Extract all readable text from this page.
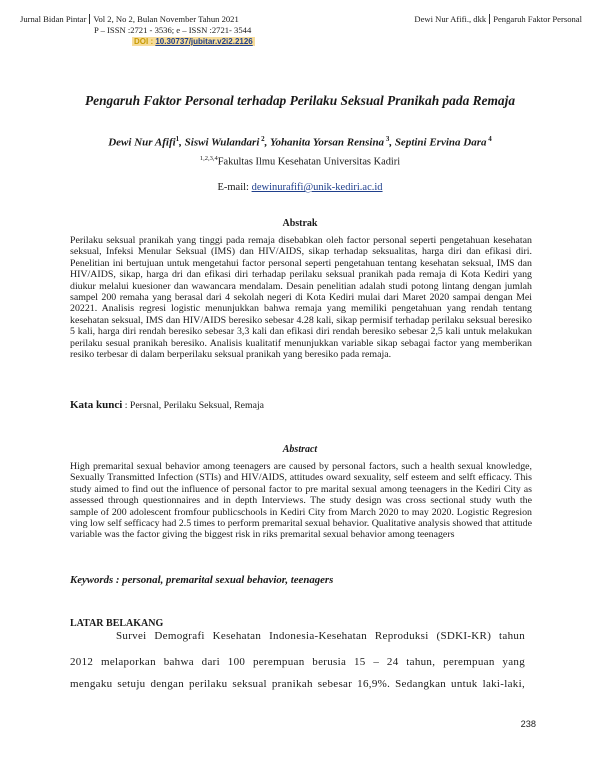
Jurnal Bidan Pintar Vol 2, No 2, Bulan November Tahun 2021
P – ISSN :2721 - 3536; e – ISSN :2721- 3544
DOI : 10.30737/jubitar.v2i2.2126
Dewi Nur Afifi., dkk Pengaruh Faktor Personal
Pengaruh Faktor Personal terhadap Perilaku Seksual Pranikah pada Remaja
Dewi Nur Afifi$^1$, Siswi Wulandari $^2$, Yohanita Yorsan Rensina $^3$, Septini Ervina Dara $^4$
$^{1,2,3,4}$Fakultas Ilmu Kesehatan Universitas Kadiri
E-mail: dewinurafifi@unik-kediri.ac.id
Abstrak
Perilaku seksual pranikah yang tinggi pada remaja disebabkan oleh factor personal seperti pengetahuan kesehatan seksual, Infeksi Menular Seksual (IMS) dan HIV/AIDS, sikap terhadap seksualitas, harga diri dan efikasi diri. Penelitian ini bertujuan untuk mengetahui factor personal seperti pengetahuan tentang kesehatan seksual, IMS dan HIV/AIDS, sikap, harga dri dan efikasi diri terhadap perilaku seksual pranikah pada remaja di Kota Kediri yang diukur melalui kuesioner dan wawancara mendalam. Desain penelitian adalah studi potong lintang dengan jumlah sampel 200 remaha yang berasal dari 4 sekolah negeri di Kota Kediri mulai dari Maret 2020 sampai dengan Mei 20221. Analisis regresi logistic menunjukkan bahwa remaja yang memiliki pengetahuan yang rendah tentang kesehatan seksual, IMS dan HIV/AIDS beresiko sebesar 4.28 kali, sikap permisif terhadap perilaku seksual beresiko 5 kali, harga diri rendah beresiko sebesar 3,3 kali dan efikasi diri rendah beresiko sebesar 2,5 kali untuk melakukan perilaku sesual pranikah beresiko. Analisis kualitatif menunjukkan variable sikap sebagai factor yang memberikan resiko terbesar di dalam berperilaku seksual pranikah yang beresiko pada remaja.
Kata kunci : Persnal, Perilaku Seksual, Remaja
Abstract
High premarital sexual behavior among teenagers are caused by personal factors, such a health sexual knowledge, Sexually Transmitted Infection (STIs) and HIV/AIDS, attitudes oward sexuality, self esteem and selft efficacy. This study aimed to find out the influence of personal factor to pre marital sexual among teenagers in the Kediri City as assessed through questionnaires and in depth Interviews. The study design was cross sectional study wuth the sample of 200 adolescent fromfour publicschools in Kediri City from March 2020 to may 2020. Logistic Regresion ving low self sefficacy had 2.5 times to perform premarital sexual behavior. Qualitative analysis showed that attitude variable was the factor giving the biggest risk in riks premarital sexual behavior among teenagers
Keywords : personal, premarital sexual behavior, teenagers
LATAR BELAKANG
Survei Demografi Kesehatan Indonesia-Kesehatan Reproduksi (SDKI-KR) tahun
2012 melaporkan bahwa dari 100 perempuan berusia 15 – 24 tahun, perempuan yang
mengaku setuju dengan perilaku seksual pranikah sebesar 16,9%. Sedangkan untuk laki-laki,
238
